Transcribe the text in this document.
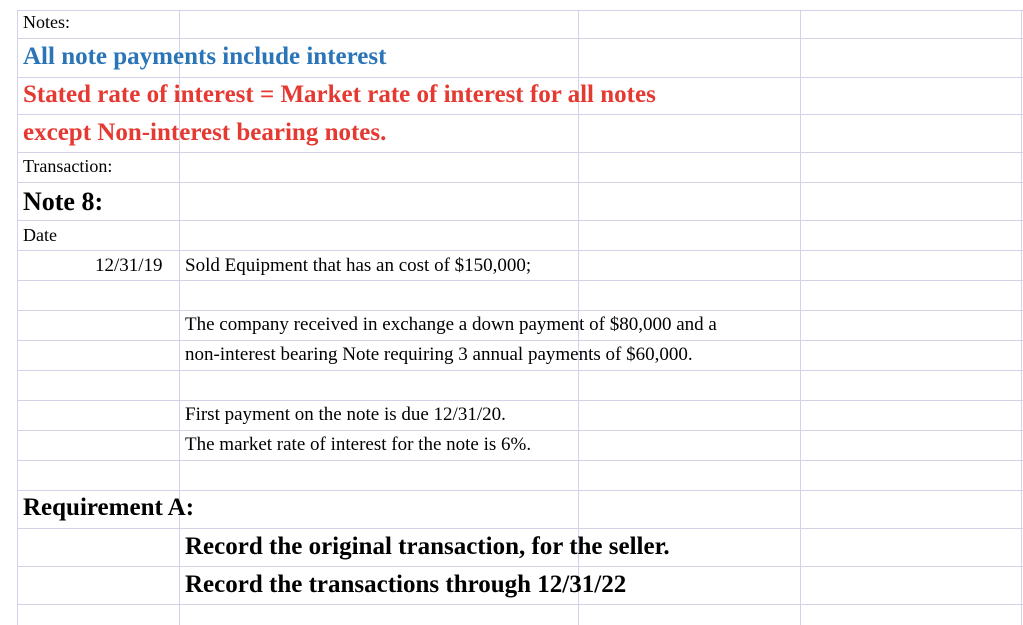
Notes:
All note payments include interest
Stated rate of interest = Market rate of interest for all notes
except Non-interest bearing notes.
Transaction:
Note 8:
Date
12/31/19 Sold Equipment that has an cost of $150,000;
The company received in exchange a down payment of $80,000 and a
non-interest bearing Note requiring 3 annual payments of $60,000.
First payment on the note is due 12/31/20.
The market rate of interest for the note is 6%.
Requirement A:
Record the original transaction, for the seller.
Record the transactions through 12/31/22
